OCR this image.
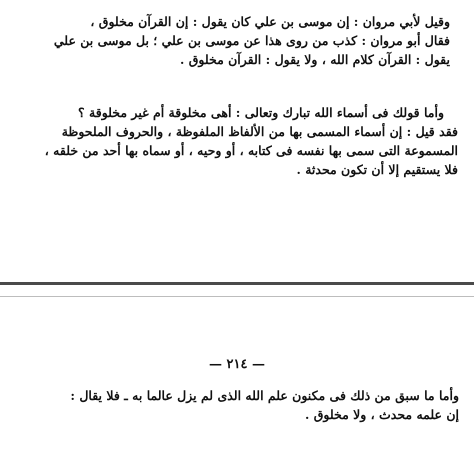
وقيل لأبي مروان : إن موسى بن علي كان يقول : إن القرآن مخلوق ،
فقال أبو مروان : كذب من روى هذا عن موسى بن علي ؛ بل موسى بن علي
يقول : القرآن كلام الله ، ولا يقول : القرآن مخلوق .
وأما قولك فى أسماء الله تبارك وتعالى : أهى مخلوقة أم غير مخلوقة ؟
فقد قيل : إن أسماء المسمى بها من الألفاظ الملفوظة ، والحروف الملحوظة
المسموعة التى سمى بها نفسه فى كتابه ، أو وحيه ، أو سماه بها أحد من خلقه ،
فلا يستقيم إلا أن تكون محدثة .
— ٢١٤ —
وأما ما سبق من ذلك فى مكنون علم الله الذى لم يزل عالما به ـ فلا يقال :
إن علمه محدث ، ولا مخلوق .
